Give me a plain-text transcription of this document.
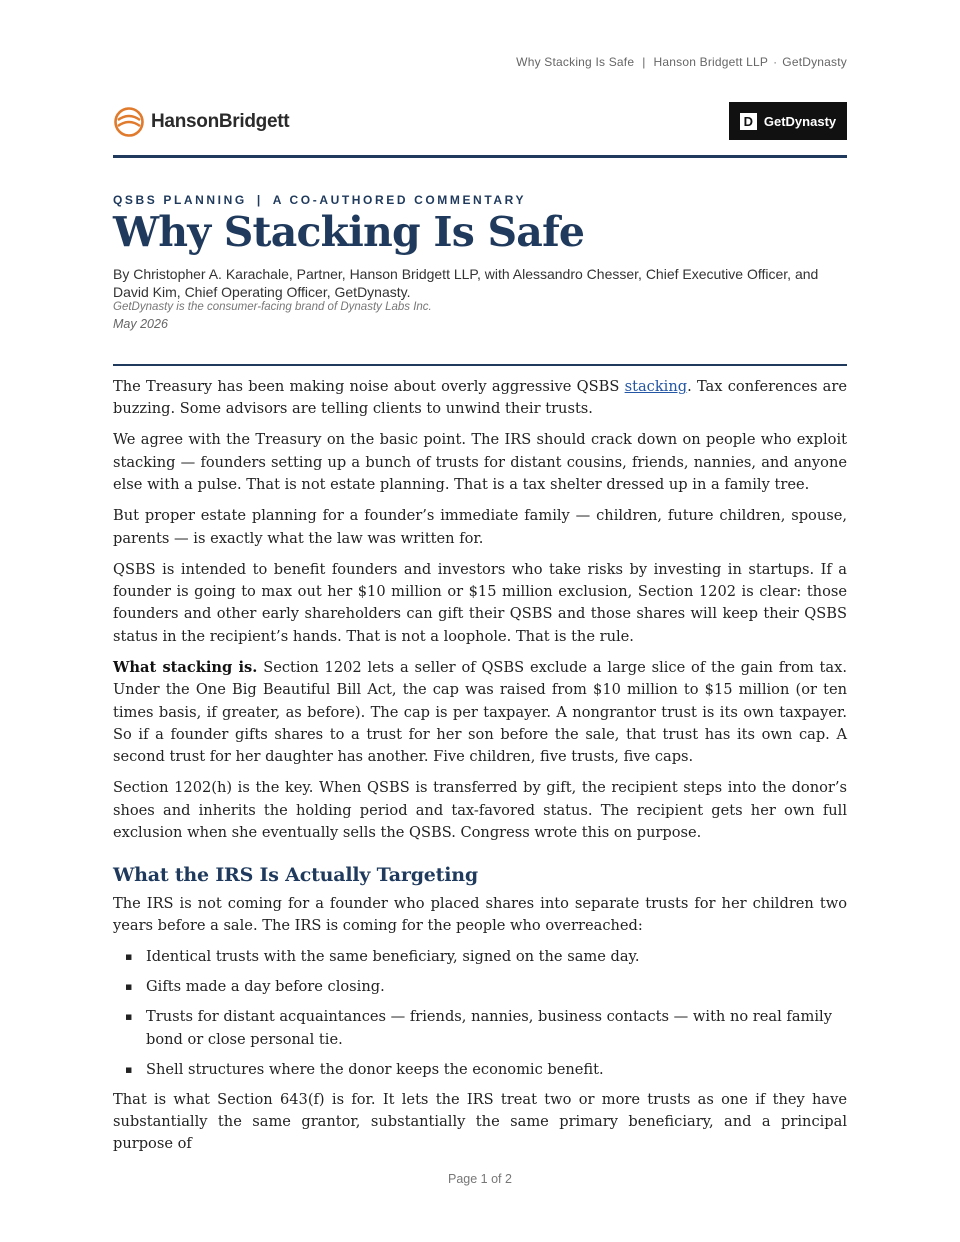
Why Stacking Is Safe | Hanson Bridgett LLP · GetDynasty
HansonBridgett	D GetDynasty
QSBS PLANNING | A CO-AUTHORED COMMENTARY
Why Stacking Is Safe
By Christopher A. Karachale, Partner, Hanson Bridgett LLP, with Alessandro Chesser, Chief Executive Officer, and David Kim, Chief Operating Officer, GetDynasty.
GetDynasty is the consumer-facing brand of Dynasty Labs Inc.
May 2026

The Treasury has been making noise about overly aggressive QSBS stacking. Tax conferences are buzzing. Some advisors are telling clients to unwind their trusts.

We agree with the Treasury on the basic point. The IRS should crack down on people who exploit stacking — founders setting up a bunch of trusts for distant cousins, friends, nannies, and anyone else with a pulse. That is not estate planning. That is a tax shelter dressed up in a family tree.

But proper estate planning for a founder’s immediate family — children, future children, spouse, parents — is exactly what the law was written for.

QSBS is intended to benefit founders and investors who take risks by investing in startups. If a founder is going to max out her $10 million or $15 million exclusion, Section 1202 is clear: those founders and other early shareholders can gift their QSBS and those shares will keep their QSBS status in the recipient’s hands. That is not a loophole. That is the rule.

What stacking is. Section 1202 lets a seller of QSBS exclude a large slice of the gain from tax. Under the One Big Beautiful Bill Act, the cap was raised from $10 million to $15 million (or ten times basis, if greater, as before). The cap is per taxpayer. A nongrantor trust is its own taxpayer. So if a founder gifts shares to a trust for her son before the sale, that trust has its own cap. A second trust for her daughter has another. Five children, five trusts, five caps.

Section 1202(h) is the key. When QSBS is transferred by gift, the recipient steps into the donor’s shoes and inherits the holding period and tax-favored status. The recipient gets her own full exclusion when she eventually sells the QSBS. Congress wrote this on purpose.

What the IRS Is Actually Targeting

The IRS is not coming for a founder who placed shares into separate trusts for her children two years before a sale. The IRS is coming for the people who overreached:

▪ Identical trusts with the same beneficiary, signed on the same day.
▪ Gifts made a day before closing.
▪ Trusts for distant acquaintances — friends, nannies, business contacts — with no real family bond or close personal tie.
▪ Shell structures where the donor keeps the economic benefit.

That is what Section 643(f) is for. It lets the IRS treat two or more trusts as one if they have substantially the same grantor, substantially the same primary beneficiary, and a principal purpose of

Page 1 of 2
